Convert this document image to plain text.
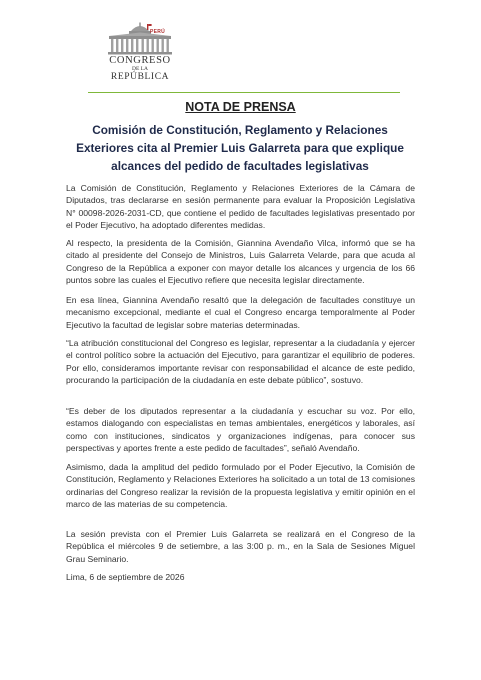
PERÚ
CONGRESO
DE LA
REPÚBLICA
NOTA DE PRENSA
Comisión de Constitución, Reglamento y Relaciones Exteriores cita al Premier Luis Galarreta para que explique alcances del pedido de facultades legislativas

La Comisión de Constitución, Reglamento y Relaciones Exteriores de la Cámara de Diputados, tras declararse en sesión permanente para evaluar la Proposición Legislativa N° 00098-2026-2031-CD, que contiene el pedido de facultades legislativas presentado por el Poder Ejecutivo, ha adoptado diferentes medidas.

Al respecto, la presidenta de la Comisión, Giannina Avendaño Vilca, informó que se ha citado al presidente del Consejo de Ministros, Luis Galarreta Velarde, para que acuda al Congreso de la República a exponer con mayor detalle los alcances y urgencia de los 66 puntos sobre las cuales el Ejecutivo refiere que necesita legislar directamente.

En esa línea, Giannina Avendaño resaltó que la delegación de facultades constituye un mecanismo excepcional, mediante el cual el Congreso encarga temporalmente al Poder Ejecutivo la facultad de legislar sobre materias determinadas.

“La atribución constitucional del Congreso es legislar, representar a la ciudadanía y ejercer el control político sobre la actuación del Ejecutivo, para garantizar el equilibrio de poderes. Por ello, consideramos importante revisar con responsabilidad el alcance de este pedido, procurando la participación de la ciudadanía en este debate público”, sostuvo.

“Es deber de los diputados representar a la ciudadanía y escuchar su voz. Por ello, estamos dialogando con especialistas en temas ambientales, energéticos y laborales, así como con instituciones, sindicatos y organizaciones indígenas, para conocer sus perspectivas y aportes frente a este pedido de facultades”, señaló Avendaño.

Asimismo, dada la amplitud del pedido formulado por el Poder Ejecutivo, la Comisión de Constitución, Reglamento y Relaciones Exteriores ha solicitado a un total de 13 comisiones ordinarias del Congreso realizar la revisión de la propuesta legislativa y emitir opinión en el marco de las materias de su competencia.

La sesión prevista con el Premier Luis Galarreta se realizará en el Congreso de la República el miércoles 9 de setiembre, a las 3:00 p. m., en la Sala de Sesiones Miguel Grau Seminario.

Lima, 6 de septiembre de 2026
